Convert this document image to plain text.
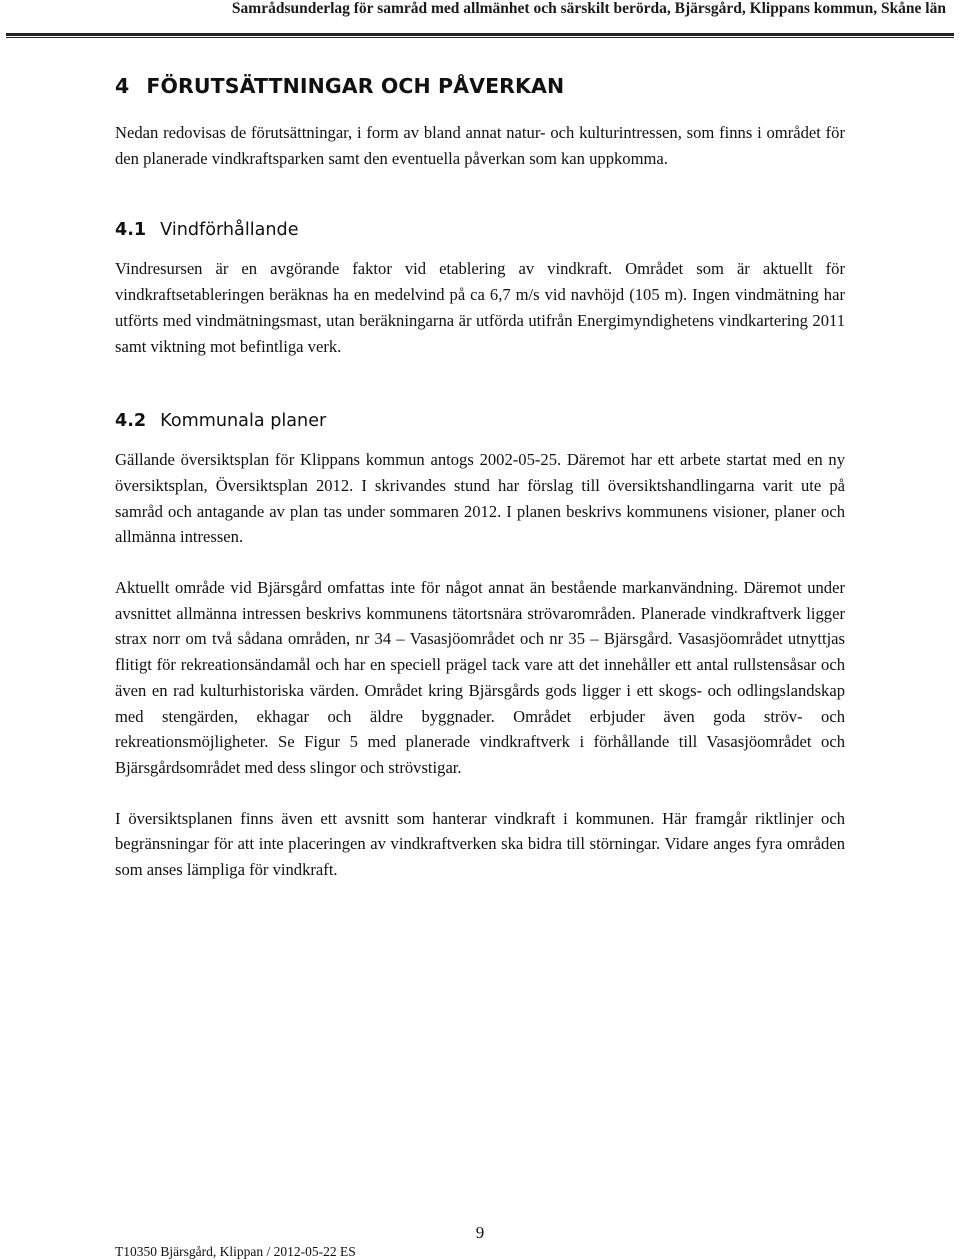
Samrådsunderlag för samråd med allmänhet och särskilt berörda, Bjärsgård, Klippans kommun, Skåne län
4 FÖRUTSÄTTNINGAR OCH PÅVERKAN

Nedan redovisas de förutsättningar, i form av bland annat natur- och kulturintressen, som finns i området för den planerade vindkraftsparken samt den eventuella påverkan som kan uppkomma.

4.1 Vindförhållande

Vindresursen är en avgörande faktor vid etablering av vindkraft. Området som är aktuellt för vindkraftsetableringen beräknas ha en medelvind på ca 6,7 m/s vid navhöjd (105 m). Ingen vindmätning har utförts med vindmätningsmast, utan beräkningarna är utförda utifrån Energimyndighetens vindkartering 2011 samt viktning mot befintliga verk.

4.2 Kommunala planer

Gällande översiktsplan för Klippans kommun antogs 2002-05-25. Däremot har ett arbete startat med en ny översiktsplan, Översiktsplan 2012. I skrivandes stund har förslag till översiktshandlingarna varit ute på samråd och antagande av plan tas under sommaren 2012. I planen beskrivs kommunens visioner, planer och allmänna intressen.

Aktuellt område vid Bjärsgård omfattas inte för något annat än bestående markanvändning. Däremot under avsnittet allmänna intressen beskrivs kommunens tätortsnära strövarområden. Planerade vindkraftverk ligger strax norr om två sådana områden, nr 34 – Vasasjöområdet och nr 35 – Bjärsgård. Vasasjöområdet utnyttjas flitigt för rekreationsändamål och har en speciell prägel tack vare att det innehåller ett antal rullstensåsar och även en rad kulturhistoriska värden. Området kring Bjärsgårds gods ligger i ett skogs- och odlingslandskap med stengärden, ekhagar och äldre byggnader. Området erbjuder även goda ströv- och rekreationsmöjligheter. Se Figur 5 med planerade vindkraftverk i förhållande till Vasasjöområdet och Bjärsgårdsområdet med dess slingor och strövstigar.

I översiktsplanen finns även ett avsnitt som hanterar vindkraft i kommunen. Här framgår riktlinjer och begränsningar för att inte placeringen av vindkraftverken ska bidra till störningar. Vidare anges fyra områden som anses lämpliga för vindkraft.

9
T10350 Bjärsgård, Klippan / 2012-05-22 ES
